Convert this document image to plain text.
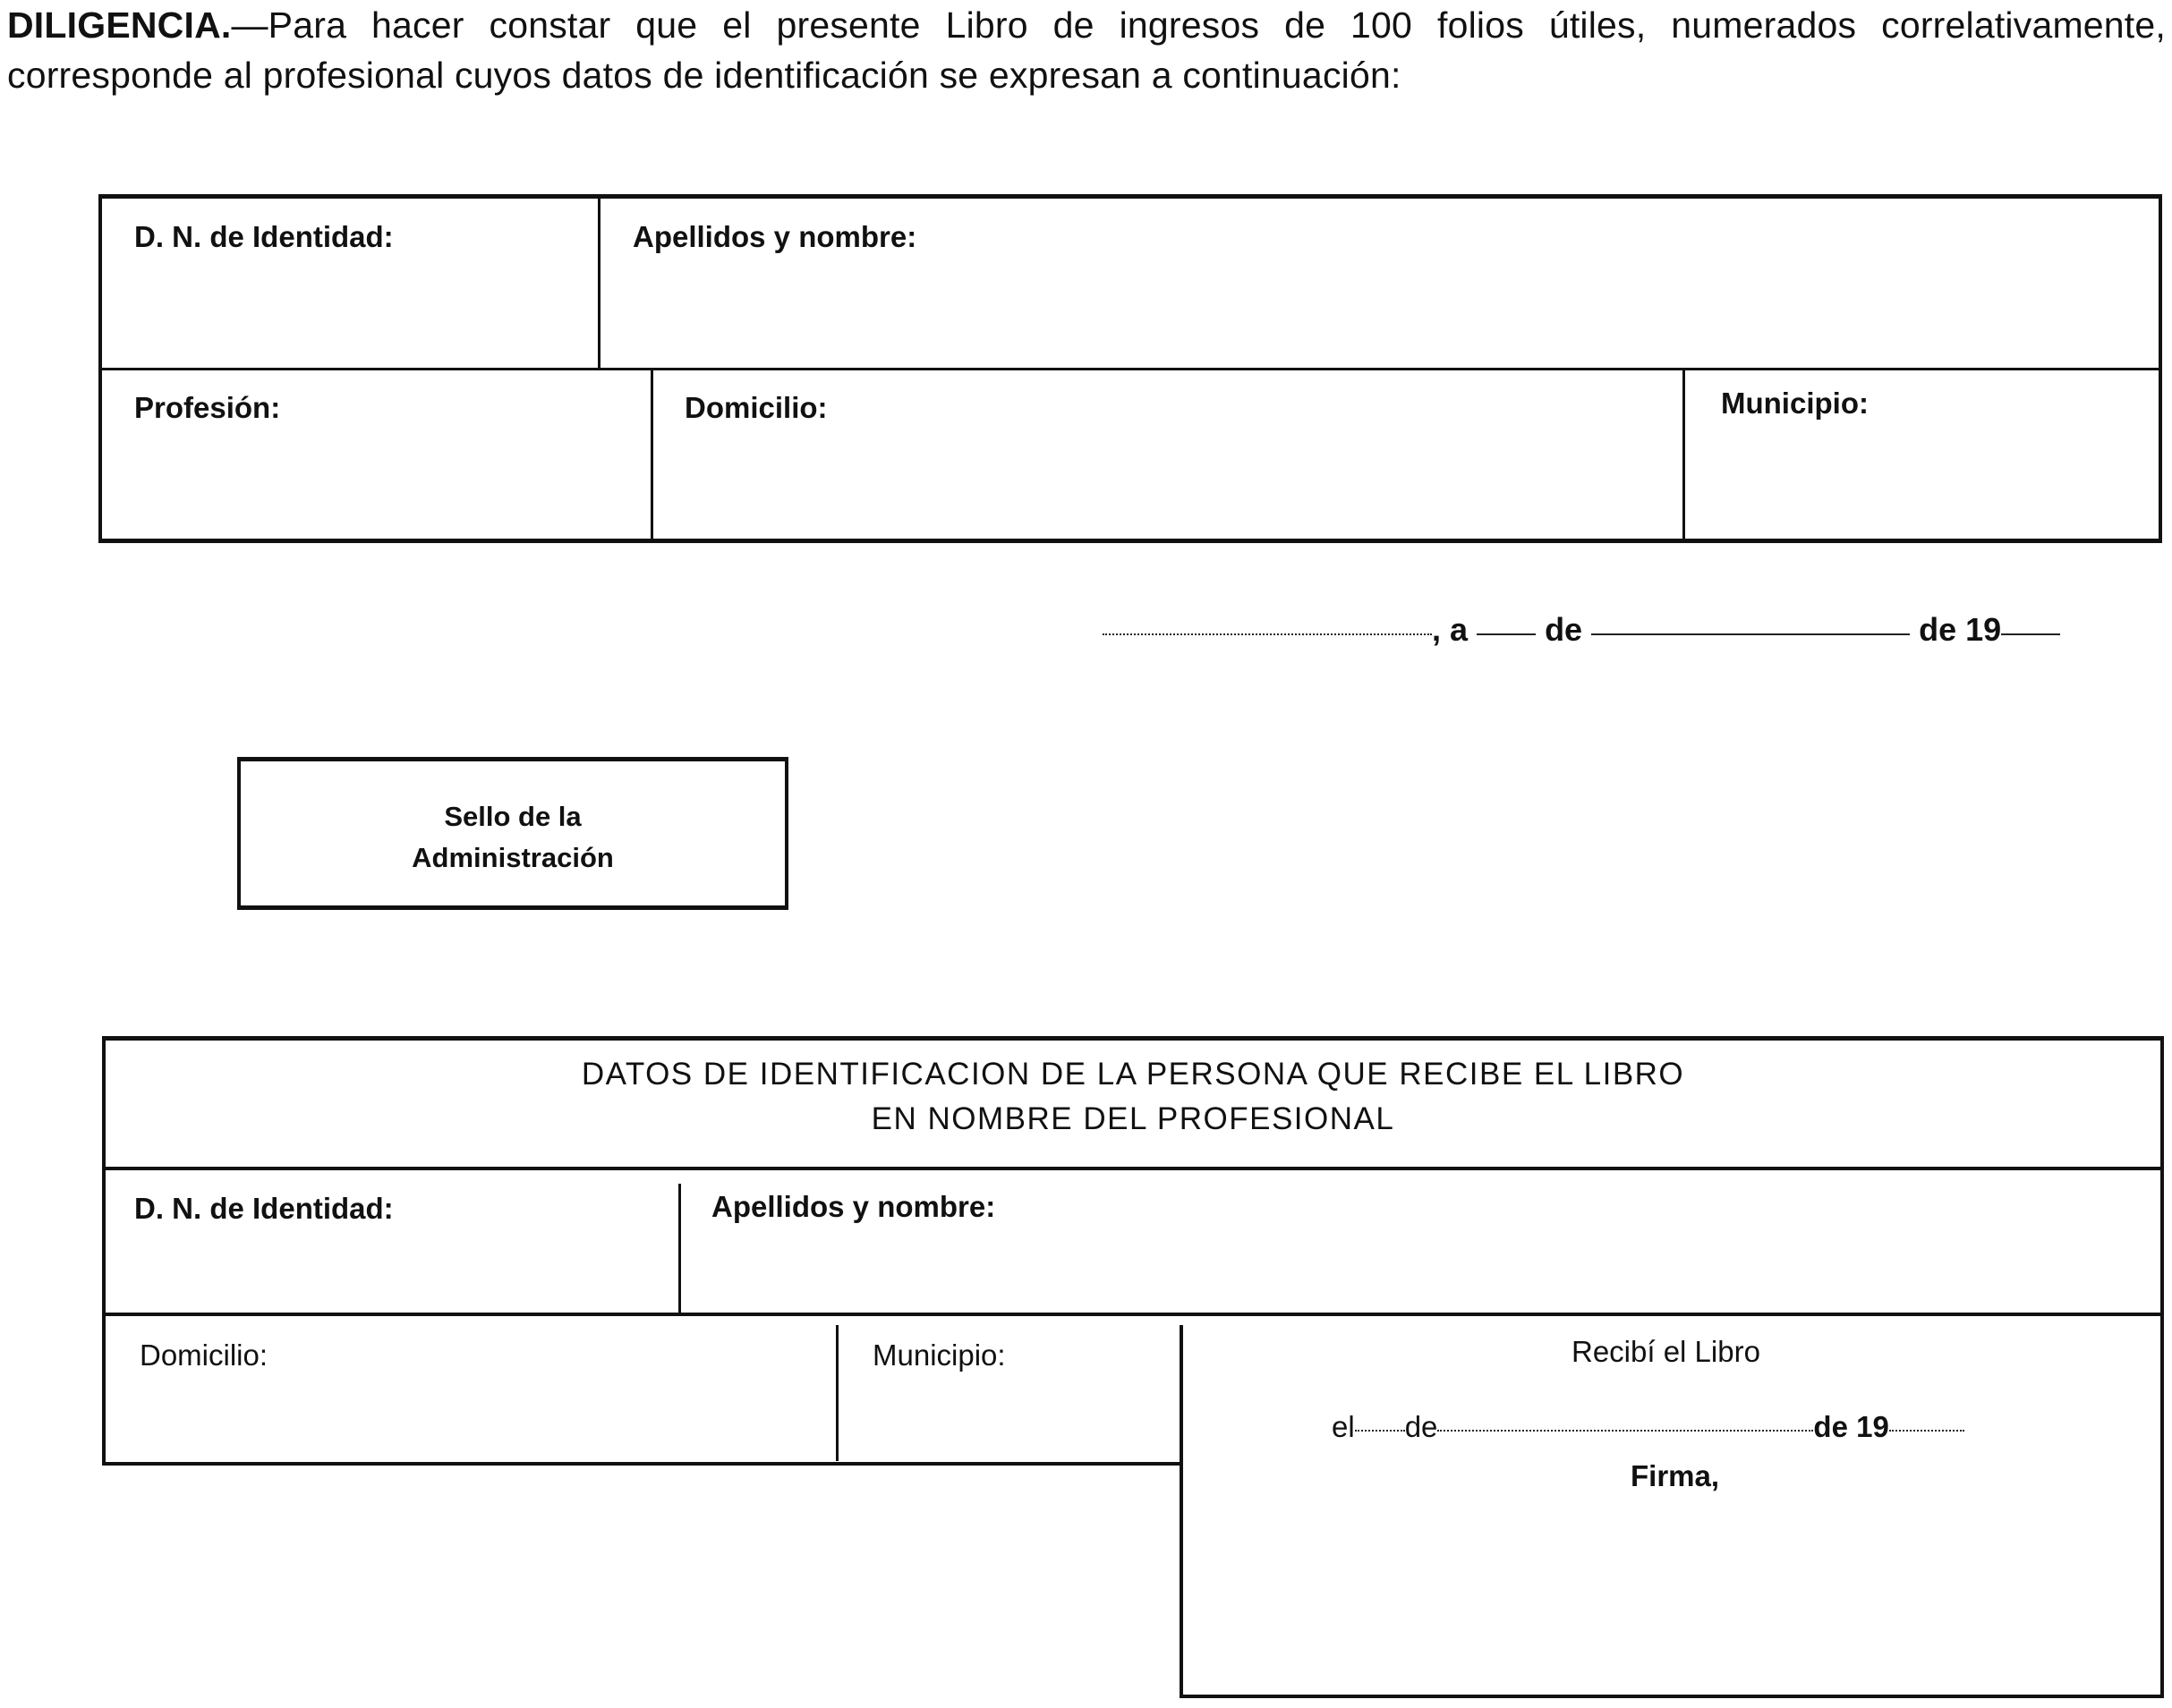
DILIGENCIA.—Para hacer constar que el presente Libro de ingresos de 100 folios útiles, numerados correlativamente, corresponde al profesional cuyos datos de identificación se expresan a continuación:
D. N. de Identidad:	Apellidos y nombre:
Profesión:	Domicilio:	Municipio:
, a de	de 19
Sello de la
Administración
DATOS DE IDENTIFICACION DE LA PERSONA QUE RECIBE EL LIBRO
EN NOMBRE DEL PROFESIONAL
D. N. de Identidad:	Apellidos y nombre:
Domicilio:	Municipio:	Recibí el Libro
el de	de 19
Firma,
